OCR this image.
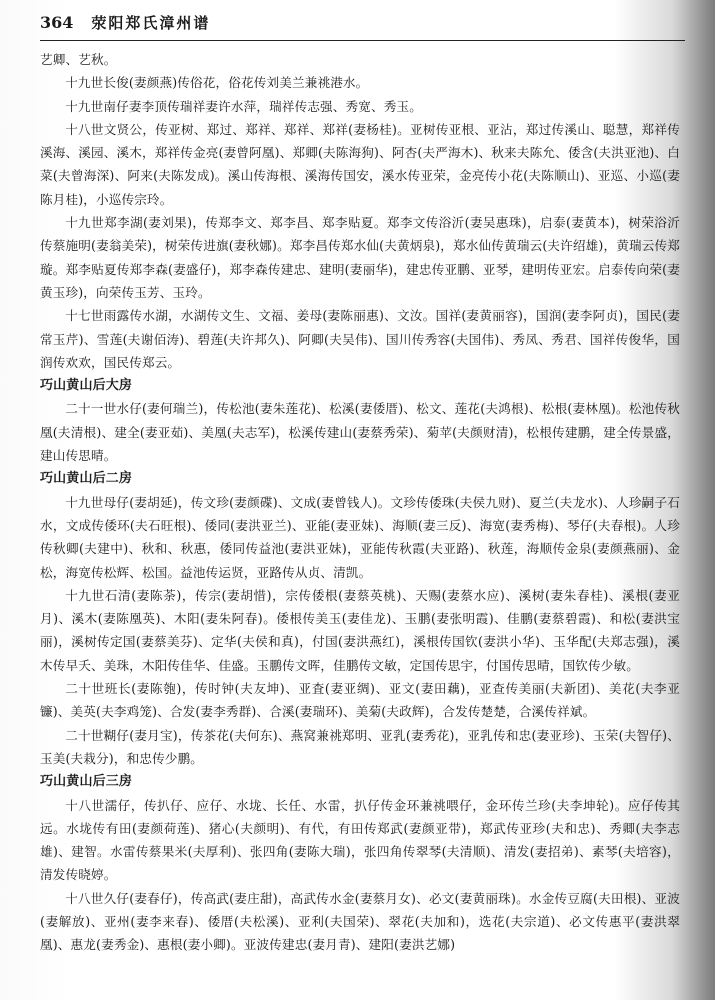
364 荥阳郑氏漳州谱

艺卿、艺秋。

十九世长俊(妻颜燕)传俗花，俗花传刘美兰兼祧港水。

十九世南仔妻李顶传瑞祥妻许水萍，瑞祥传志强、秀宽、秀玉。

十八世文贤公，传亚树、郑过、郑祥、郑祥、郑祥(妻杨桂)。亚树传亚根、亚沾，郑过传溪山、聪慧，郑祥传溪海、溪园、溪木，郑祥传金亮(妻曾阿凰)、郑卿(夫陈海狗)、阿杏(夫严海木)、秋来夫陈允、倭含(夫洪亚池)、白菜(夫曾海深)、阿来(夫陈发成)。溪山传海根、溪海传国安，溪水传亚荣，金亮传小花(夫陈顺山)、亚巡、小巡(妻陈月桂)，小巡传宗玲。

十九世郑李湖(妻刘果)，传郑李文、郑李昌、郑李贴夏。郑李文传浴沂(妻吴惠珠)，启泰(妻黄本)，树荣浴沂传蔡施明(妻翁美荣)，树荣传进旗(妻秋娜)。郑李昌传郑水仙(夫黄炳泉)，郑水仙传黄瑞云(夫许绍雄)，黄瑞云传郑璇。郑李贴夏传郑李森(妻盛仔)，郑李森传建忠、建明(妻丽华)，建忠传亚鹏、亚琴，建明传亚宏。启泰传向荣(妻黄玉珍)，向荣传玉芳、玉玲。

十七世雨露传水湖，水湖传文生、文福、姜母(妻陈丽惠)、文汝。国祥(妻黄丽容)，国润(妻李阿贞)，国民(妻常玉芹)、雪莲(夫谢佰涛)、碧莲(夫许邦久)、阿卿(夫吴伟)、国川传秀容(夫国伟)、秀凤、秀君、国祥传俊华，国润传欢欢，国民传郑云。

巧山黄山后大房

二十一世水仔(妻何瑞兰)，传松池(妻朱莲花)、松溪(妻倭厝)、松文、莲花(夫鸿根)、松根(妻林凰)。松池传秋凰(夫清根)、建全(妻亚茹)、美凰(夫志军)，松溪传建山(妻蔡秀荣)、菊苹(夫颜财清)，松根传建鹏，建全传景盛，建山传思晴。

巧山黄山后二房

十九世母仔(妻胡延)，传文珍(妻颜碟)、文成(妻曾钱人)。文珍传倭珠(夫侯九财)、夏兰(夫龙水)、人珍嗣子石水，文成传倭环(夫石旺根)、倭同(妻洪亚兰)、亚能(妻亚妹)、海顺(妻三反)、海宽(妻秀梅)、琴仔(夫春根)。人珍传秋卿(夫建中)、秋和、秋惠，倭同传益池(妻洪亚妹)，亚能传秋霞(夫亚路)、秋莲，海顺传金泉(妻颜燕丽)、金松，海宽传松辉、松国。益池传运贤，亚路传从贞、清凯。

十九世石清(妻陈荼)，传宗(妻胡惜)，宗传倭根(妻蔡英桃)、天赐(妻蔡水应)、溪树(妻朱春桂)、溪根(妻亚月)、溪木(妻陈凰英)、木阳(妻朱阿春)。倭根传美玉(妻佳龙)、玉鹏(妻张明霞)、佳鹏(妻蔡碧霞)、和松(妻洪宝丽)，溪树传定国(妻蔡美芬)、定华(夫侯和真)，付国(妻洪燕红)，溪根传国钦(妻洪小华)、玉华配(夫郑志强)，溪木传早夭、美珠，木阳传佳华、佳盛。玉鹏传文晖，佳鹏传文敏，定国传思宇，付国传思晴，国钦传少敏。

二十世班长(妻陈匏)，传时钟(夫友坤)、亚査(妻亚绸)、亚文(妻田藕)，亚查传美丽(夫新团)、美花(夫李亚镰)、美英(夫李鸡笼)、合发(妻李秀群)、合溪(妻瑞环)、美菊(夫政辉)，合发传楚楚，合溪传祥斌。

二十世糊仔(妻月宝)，传茶花(夫何东)、燕窝兼祧郑明、亚乳(妻秀花)，亚乳传和忠(妻亚珍)、玉荣(夫智仔)、玉美(夫栽分)，和忠传少鹏。

巧山黄山后三房

十八世濡仔，传扒仔、应仔、水垅、长任、水雷，扒仔传金环兼祧喂仔，金环传兰珍(夫李坤轮)。应仔传其远。水垅传有田(妻颜荷莲)、猪心(夫颜明)、有代，有田传郑武(妻颜亚带)，郑武传亚珍(夫和忠)、秀卿(夫李志雄)、建智。水雷传蔡果米(夫厚利)、张四角(妻陈大瑞)，张四角传翠琴(夫清顺)、清发(妻招弟)、素琴(夫培容)，清发传晓婷。

十八世久仔(妻春仔)，传高武(妻庄甜)，高武传水金(妻蔡月女)、必文(妻黄丽珠)。水金传豆腐(夫田根)、亚波(妻解放)、亚州(妻李来春)、倭厝(夫松溪)、亚利(夫国荣)、翠花(夫加和)，选花(夫宗道)、必文传惠平(妻洪翠凰)、惠龙(妻秀金)、惠根(妻小卿)。亚波传建忠(妻月青)、建阳(妻洪艺娜)
